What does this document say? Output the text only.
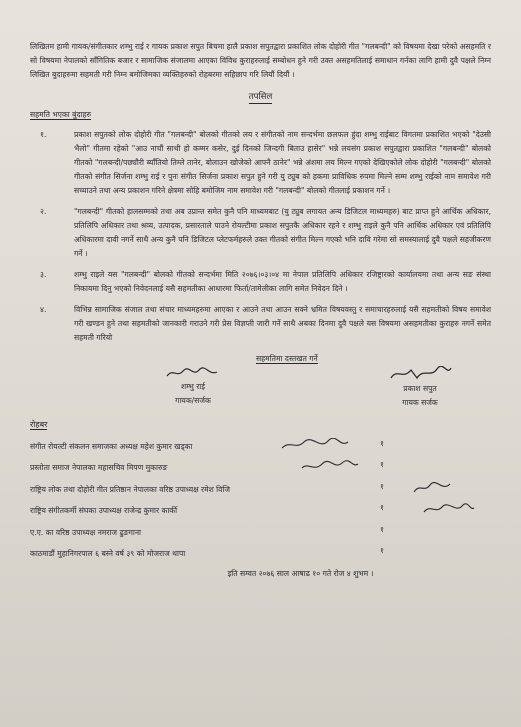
लिखितम हामी गायक/संगीतकार शम्भु राई र गायक प्रकाश सपुत बिचमा हालै प्रकाश सपुतद्वारा प्रकाशित लोक दोहोरी गीत "गलबन्दी" को विषयमा देखा परेको असहमति र सो विषयमा नेपालको साँगितिक बजार र सामाजिक संजालमा आएका विविध कुराहरुलाई सम्बोधन हुने गरी उक्त असहमतिलाई समाधान गर्नका लागि हामी दुवै पक्षले निम्न लिखित बुदाहरुमा सहमती गरी निम्न बमोजिमका व्यक्तिहरुको रोहबरमा सहिछाप गरि लियौं दियौं ।

तपसिल
सहमति भएका बुंदाहरु
१.	प्रकाश सपुतको लोक दोहोरी गीत "गलबन्दी" बोलको गीतको लय र संगीतको नाम सन्दर्भमा छलफल हुंदा शम्भु राईबाट विगतमा प्रकाशित भएको "देउसी भैलो" गीतमा रहेको "आउ नाचौं साथी हो कम्मर कसेर, दुई दिनको जिन्दगी बिताउ हासेर" भन्ने लयसंग प्रकाश सपुतद्वारा प्रकाशित "गलबन्दी" बोलको गीतको "गलबन्दी/पछ्यौरी ब्याँतियो तिम्ले तानेर, बोलाउन खोजेको आफ्नै ठानेर" भन्ने अंशमा लय मिल्न गएको देखिएकोले लोक दोहोरी "गलबन्दी" बोलको गीतको संगीत सिर्जना शम्भु राई र पुनः संगीत सिर्जना प्रकाश सपुत हुने गरी यु ट्युब को हकमा प्राविधिक रुपमा मिल्ने सम्म शम्भु राईको नाम समावेश गरी सच्याउने तथा अन्य प्रकाशन गरिने क्षेत्रमा सोहि बमोजिम नाम समावेश गरी "गलबन्दी" बोलको गीतलाई प्रकाशन गर्ने ।

२.	"गलबन्दी" गीतको हालसम्मको तथा अब उप्रान्त समेत कुनै पनि माध्यमबाट (यु ट्युब लगायत अन्य डिजिटल माध्यमहरु) बाट प्राप्त हुने आर्थिक अधिकार, प्रतिलिपि अधिकार तथा श्रव्य, उत्पादक, प्रसारताले पाउने रोयल्टीमा प्रकाश सपुतकै अधिकार रहने र शम्भु राइले कुनै पनि आर्थिक अधिकार एवं प्रतिलिपि अधिकारमा दावी नगर्ने साथै अन्य कुनै पनि डिजिटल प्लेटफर्महरुले उक्त गीतको संगीत मिल्न गएको भनि दावि गरेमा सो समस्यालाई दुवै पक्षले सहजीकरण गर्ने ।

३.	शम्भु राइले यस "गलबन्दी" बोलको गीतको सन्दर्भमा मिति २०७६।०३।०४ मा नेपाल प्रतिलिपि अधिकार रजिष्ट्रारको कार्यालयमा तथा अन्य सङ संस्था निकायमा दिनु भएको निवेदनलाई यसै सहमतीका आधारमा फिर्ता/तामेलीका लागि समेत निवेदन दिने ।

४.	विभिन्न सामाजिक संजाल तथा संचार माध्यमहरुमा आएका र आउने तथा आउन सक्ने भ्रमित विषयवस्तु र समाचारहरुलाई यसै सहमतीको विषय समावेश गरी खण्डन हुने तथा सहमतीको जानकारी गराउने गरी प्रेस विज्ञप्ती जारी गर्ने साथै अबका दिनमा दुवै पक्षले यस विषयमा असहमतीका कुराहरु नगर्ने समेत सहमती गरियो

सहमतिमा दस्तखत गर्ने
शम्भु राई
गायक/सर्जक
प्रकाश सपुत
गायक सर्जक
रोहबर
संगीत रोयल्टी संकलन समाजका अध्यक्ष महेश कुमार खड्का	१
प्रस्तोता समाज नेपालका महासचिव मिपण मुकारुङ	१
राष्ट्रिय लोक तथा दोहोरी गीत प्रतिष्ठान नेपालका वरिष्ठ उपाध्यक्ष रमेश विजि	१
राष्ट्रिय संगीतकर्मी संघका उपाध्यक्ष राजेन्द्र कुमार कार्की	१
ए.ए. का वरिष्ठ उपाध्यक्ष नमराज ढुङगाना	१
काठमाडौं मुहानिगरपाल ६ बस्ने वर्ष ३९ को मोजराज थापा	१
इति सम्वत २०७६ साल आषाढ १० गते रोज ४ शुभम ।
